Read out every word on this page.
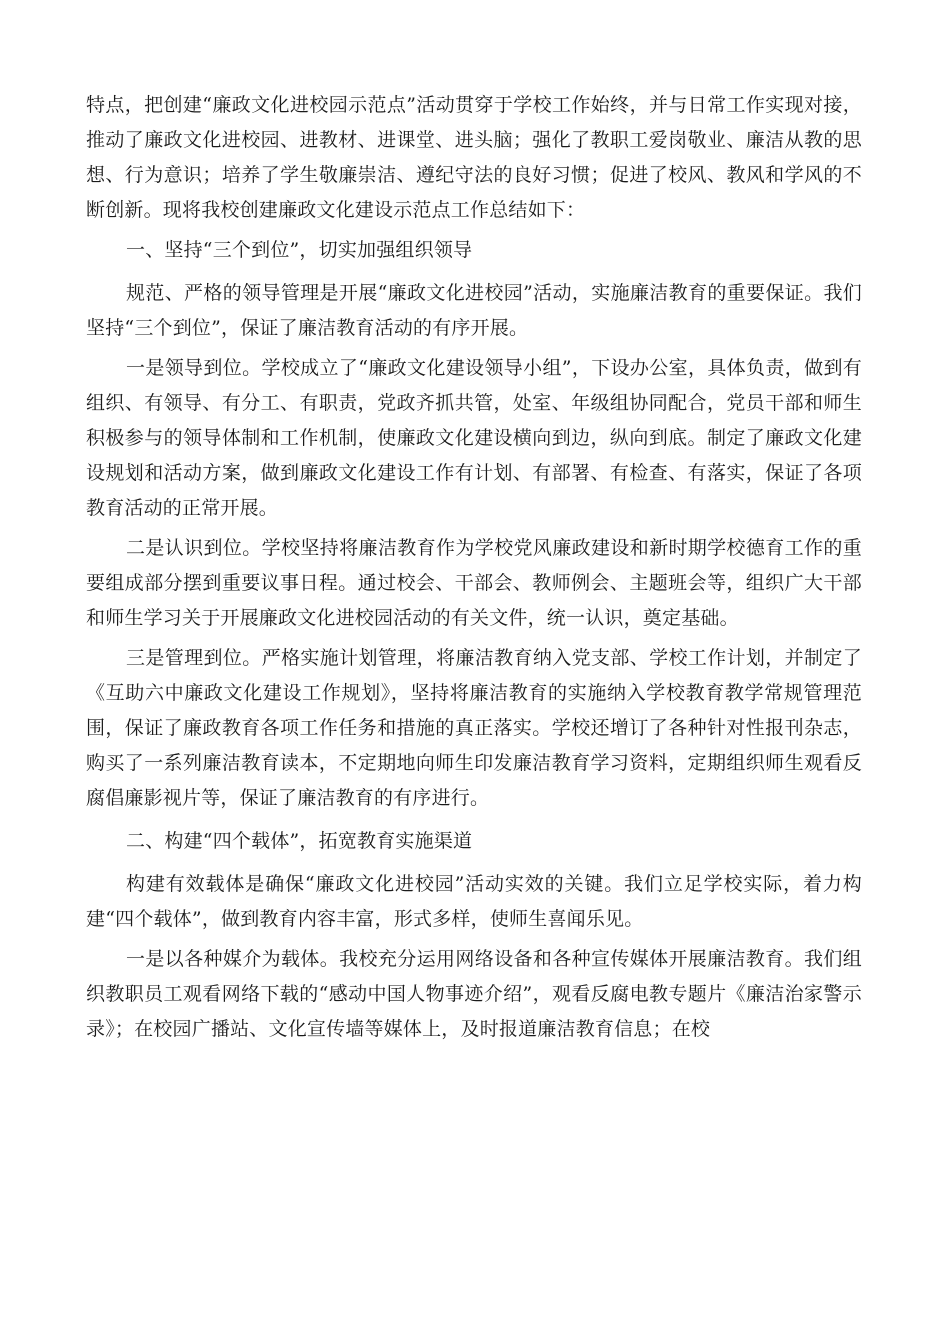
特点，把创建“廉政文化进校园示范点”活动贯穿于学校工作始终，并与日常工作实现对接，推动了廉政文化进校园、进教材、进课堂、进头脑；强化了教职工爱岗敬业、廉洁从教的思想、行为意识；培养了学生敬廉崇洁、遵纪守法的良好习惯；促进了校风、教风和学风的不断创新。现将我校创建廉政文化建设示范点工作总结如下：

一、坚持“三个到位”，切实加强组织领导

规范、严格的领导管理是开展“廉政文化进校园”活动，实施廉洁教育的重要保证。我们坚持“三个到位”，保证了廉洁教育活动的有序开展。

一是领导到位。学校成立了“廉政文化建设领导小组”，下设办公室，具体负责，做到有组织、有领导、有分工、有职责，党政齐抓共管，处室、年级组协同配合，党员干部和师生积极参与的领导体制和工作机制，使廉政文化建设横向到边，纵向到底。制定了廉政文化建设规划和活动方案，做到廉政文化建设工作有计划、有部署、有检查、有落实，保证了各项教育活动的正常开展。

二是认识到位。学校坚持将廉洁教育作为学校党风廉政建设和新时期学校德育工作的重要组成部分摆到重要议事日程。通过校会、干部会、教师例会、主题班会等，组织广大干部和师生学习关于开展廉政文化进校园活动的有关文件，统一认识，奠定基础。

三是管理到位。严格实施计划管理，将廉洁教育纳入党支部、学校工作计划，并制定了《互助六中廉政文化建设工作规划》，坚持将廉洁教育的实施纳入学校教育教学常规管理范围，保证了廉政教育各项工作任务和措施的真正落实。学校还增订了各种针对性报刊杂志，购买了一系列廉洁教育读本，不定期地向师生印发廉洁教育学习资料，定期组织师生观看反腐倡廉影视片等，保证了廉洁教育的有序进行。

二、构建“四个载体”，拓宽教育实施渠道

构建有效载体是确保“廉政文化进校园”活动实效的关键。我们立足学校实际，着力构建“四个载体”，做到教育内容丰富，形式多样，使师生喜闻乐见。

一是以各种媒介为载体。我校充分运用网络设备和各种宣传媒体开展廉洁教育。我们组织教职员工观看网络下载的“感动中国人物事迹介绍”，观看反腐电教专题片《廉洁治家警示录》；在校园广播站、文化宣传墙等媒体上，及时报道廉洁教育信息；在校
